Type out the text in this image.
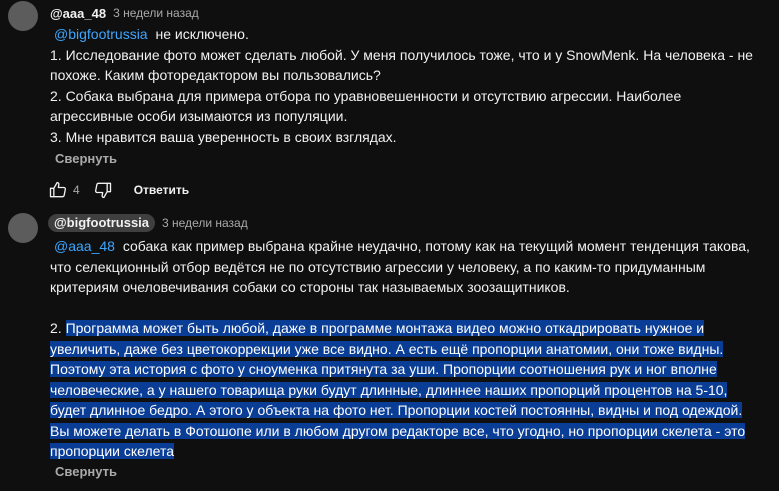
@aaa_48 3 недели назад
@bigfootrussia не исключено.
1. Исследование фото может сделать любой. У меня получилось тоже, что и у SnowMenk. На человека - не
похоже. Каким фоторедактором вы пользовались?
2. Собака выбрана для примера отбора по уравновешенности и отсутствию агрессии. Наиболее
агрессивные особи изымаются из популяции.
3. Мне нравится ваша уверенность в своих взглядах.
Свернуть
4	Ответить
@bigfootrussia	3 недели назад
@aaa_48 собака как пример выбрана крайне неудачно, потому как на текущий момент тенденция такова,
что селекционный отбор ведётся не по отсутствию агрессии у человеку, а по каким-то придуманным
критериям очеловечивания собаки со стороны так называемых зоозащитников.
2. Программа может быть любой, даже в программе монтажа видео можно откадрировать нужное и
увеличить, даже без цветокоррекции уже все видно. А есть ещё пропорции анатомии, они тоже видны.
Поэтому эта история с фото у сноуменка притянута за уши. Пропорции соотношения рук и ног вполне
человеческие, а у нашего товарища руки будут длинные, длиннее наших пропорций процентов на 5-10,
будет длинное бедро. А этого у объекта на фото нет. Пропорции костей постоянны, видны и под одеждой.
Вы можете делать в Фотошопе или в любом другом редакторе все, что угодно, но пропорции скелета - это
пропорции скелета
Свернуть
